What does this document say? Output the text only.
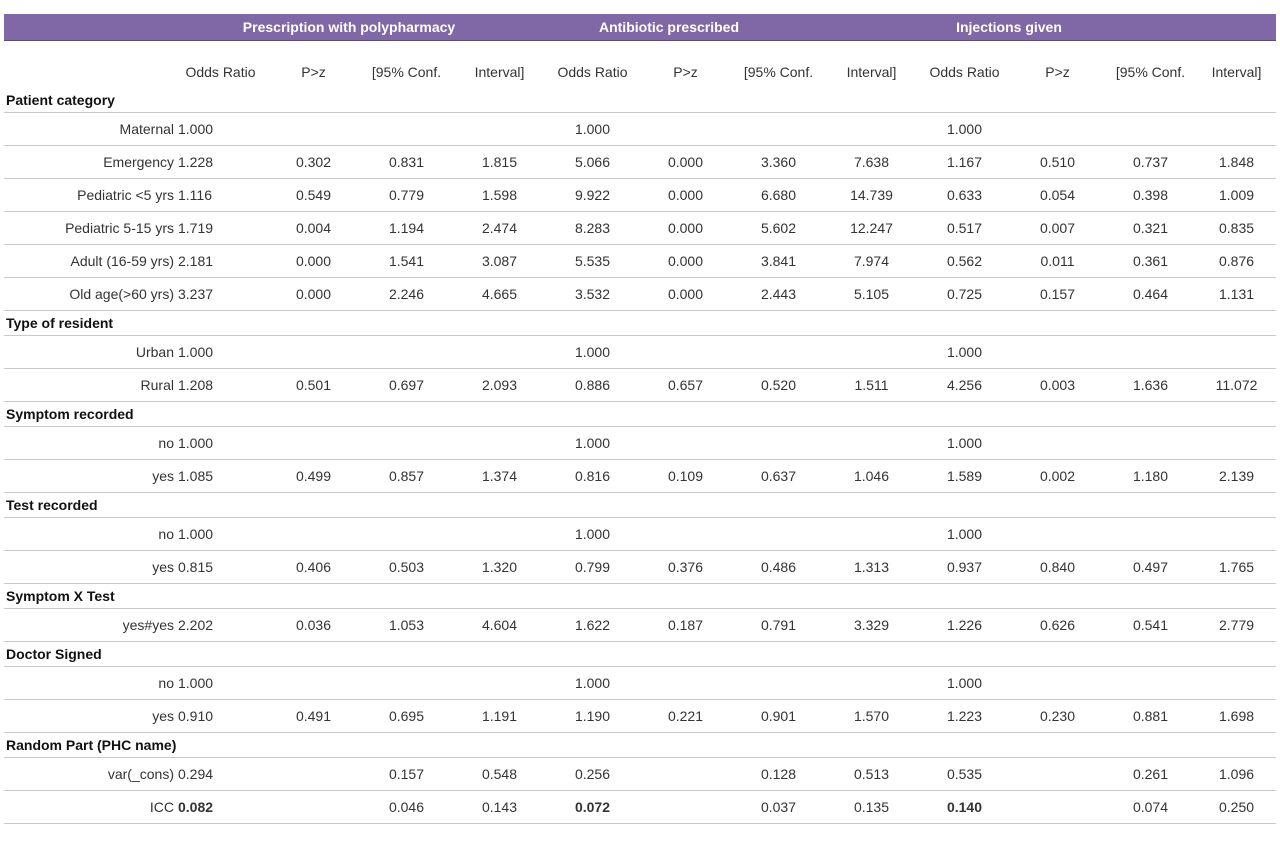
Prescription with polypharmacy	Antibiotic prescribed	Injections given
Odds Ratio	P>z	[95% Conf.	Interval]	Odds Ratio	P>z	[95% Conf.	Interval]	Odds Ratio	P>z	[95% Conf.	Interval]
Patient category												
Maternal	1.000				1.000				1.000			
Emergency	1.228	0.302	0.831	1.815	5.066	0.000	3.360	7.638	1.167	0.510	0.737	1.848
Pediatric <5 yrs	1.116	0.549	0.779	1.598	9.922	0.000	6.680	14.739	0.633	0.054	0.398	1.009
Pediatric 5-15 yrs	1.719	0.004	1.194	2.474	8.283	0.000	5.602	12.247	0.517	0.007	0.321	0.835
Adult (16-59 yrs)	2.181	0.000	1.541	3.087	5.535	0.000	3.841	7.974	0.562	0.011	0.361	0.876
Old age(>60 yrs)	3.237	0.000	2.246	4.665	3.532	0.000	2.443	5.105	0.725	0.157	0.464	1.131
Type of resident												
Urban	1.000				1.000				1.000			
Rural	1.208	0.501	0.697	2.093	0.886	0.657	0.520	1.511	4.256	0.003	1.636	11.072
Symptom recorded												
no	1.000				1.000				1.000			
yes	1.085	0.499	0.857	1.374	0.816	0.109	0.637	1.046	1.589	0.002	1.180	2.139
Test recorded												
no	1.000				1.000				1.000			
yes	0.815	0.406	0.503	1.320	0.799	0.376	0.486	1.313	0.937	0.840	0.497	1.765
Symptom X Test												
yes#yes	2.202	0.036	1.053	4.604	1.622	0.187	0.791	3.329	1.226	0.626	0.541	2.779
Doctor Signed												
no	1.000				1.000				1.000			
yes	0.910	0.491	0.695	1.191	1.190	0.221	0.901	1.570	1.223	0.230	0.881	1.698
Random Part (PHC name)												
var(_cons)	0.294		0.157	0.548	0.256		0.128	0.513	0.535		0.261	1.096
ICC	0.082		0.046	0.143	0.072		0.037	0.135	0.140		0.074	0.250
